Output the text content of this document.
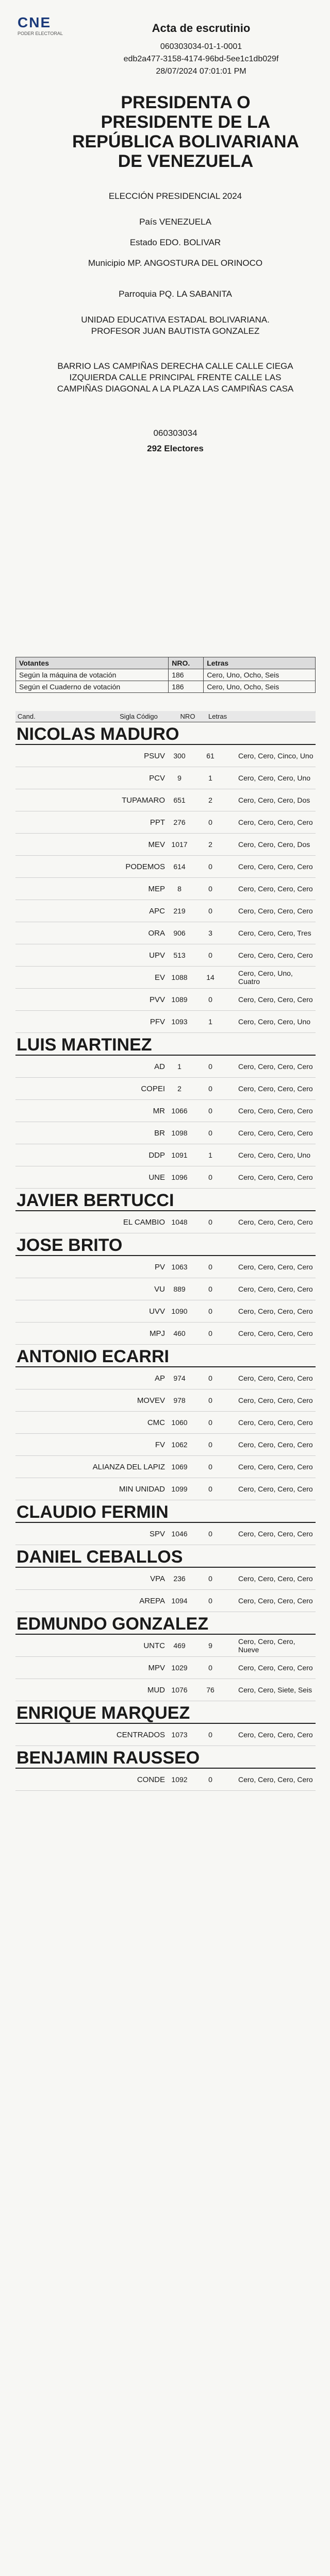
CNE
PODER ELECTORAL	Acta de escrutinio
060303034-01-1-0001
edb2a477-3158-4174-96bd-5ee1c1db029f
28/07/2024 07:01:01 PM
PRESIDENTA O PRESIDENTE DE LA REPÚBLICA BOLIVARIANA DE VENEZUELA
ELECCIÓN PRESIDENCIAL 2024
País VENEZUELA
Estado EDO. BOLIVAR
Municipio MP. ANGOSTURA DEL ORINOCO
Parroquia PQ. LA SABANITA
UNIDAD EDUCATIVA ESTADAL BOLIVARIANA. PROFESOR JUAN BAUTISTA GONZALEZ
BARRIO LAS CAMPIÑAS DERECHA CALLE CALLE CIEGA IZQUIERDA CALLE PRINCIPAL FRENTE CALLE LAS CAMPIÑAS DIAGONAL A LA PLAZA LAS CAMPIÑAS CASA
060303034
292 Electores
Votantes	NRO.	Letras
Según la máquina de votación	186	Cero, Uno, Ocho, Seis
Según el Cuaderno de votación	186	Cero, Uno, Ocho, Seis
Cand.	Sigla Código	NRO	Letras
NICOLAS MADURO
PSUV	300	61	Cero, Cero, Cinco, Uno
PCV	9	1	Cero, Cero, Cero, Uno
TUPAMARO	651	2	Cero, Cero, Cero, Dos
PPT	276	0	Cero, Cero, Cero, Cero
MEV 1017	2	Cero, Cero, Cero, Dos
PODEMOS	614	0	Cero, Cero, Cero, Cero
MEP	8	0	Cero, Cero, Cero, Cero
APC	219	0	Cero, Cero, Cero, Cero
ORA	906	3	Cero, Cero, Cero, Tres
UPV	513	0	Cero, Cero, Cero, Cero
EV 1088	14	Cero, Cero, Uno, Cuatro
PVV 1089	0	Cero, Cero, Cero, Cero
PFV 1093	1	Cero, Cero, Cero, Uno
LUIS MARTINEZ
AD	1	0	Cero, Cero, Cero, Cero
COPEI	2	0	Cero, Cero, Cero, Cero
MR 1066	0	Cero, Cero, Cero, Cero
BR 1098	0	Cero, Cero, Cero, Cero
DDP 1091	1	Cero, Cero, Cero, Uno
UNE 1096	0	Cero, Cero, Cero, Cero
JAVIER BERTUCCI
EL CAMBIO 1048	0	Cero, Cero, Cero, Cero
JOSE BRITO
PV 1063	0	Cero, Cero, Cero, Cero
VU	889	0	Cero, Cero, Cero, Cero
UVV 1090	0	Cero, Cero, Cero, Cero
MPJ	460	0	Cero, Cero, Cero, Cero
ANTONIO ECARRI
AP	974	0	Cero, Cero, Cero, Cero
MOVEV	978	0	Cero, Cero, Cero, Cero
CMC 1060	0	Cero, Cero, Cero, Cero
FV 1062	0	Cero, Cero, Cero, Cero
ALIANZA DEL LAPIZ 1069	0	Cero, Cero, Cero, Cero
MIN UNIDAD 1099	0	Cero, Cero, Cero, Cero
CLAUDIO FERMIN
SPV 1046	0	Cero, Cero, Cero, Cero
DANIEL CEBALLOS
VPA	236	0	Cero, Cero, Cero, Cero
AREPA 1094	0	Cero, Cero, Cero, Cero
EDMUNDO GONZALEZ
UNTC	469	9	Cero, Cero, Cero, Nueve
MPV 1029	0	Cero, Cero, Cero, Cero
MUD 1076	76	Cero, Cero, Siete, Seis
ENRIQUE MARQUEZ
CENTRADOS 1073	0	Cero, Cero, Cero, Cero
BENJAMIN RAUSSEO
CONDE 1092	0	Cero, Cero, Cero, Cero
